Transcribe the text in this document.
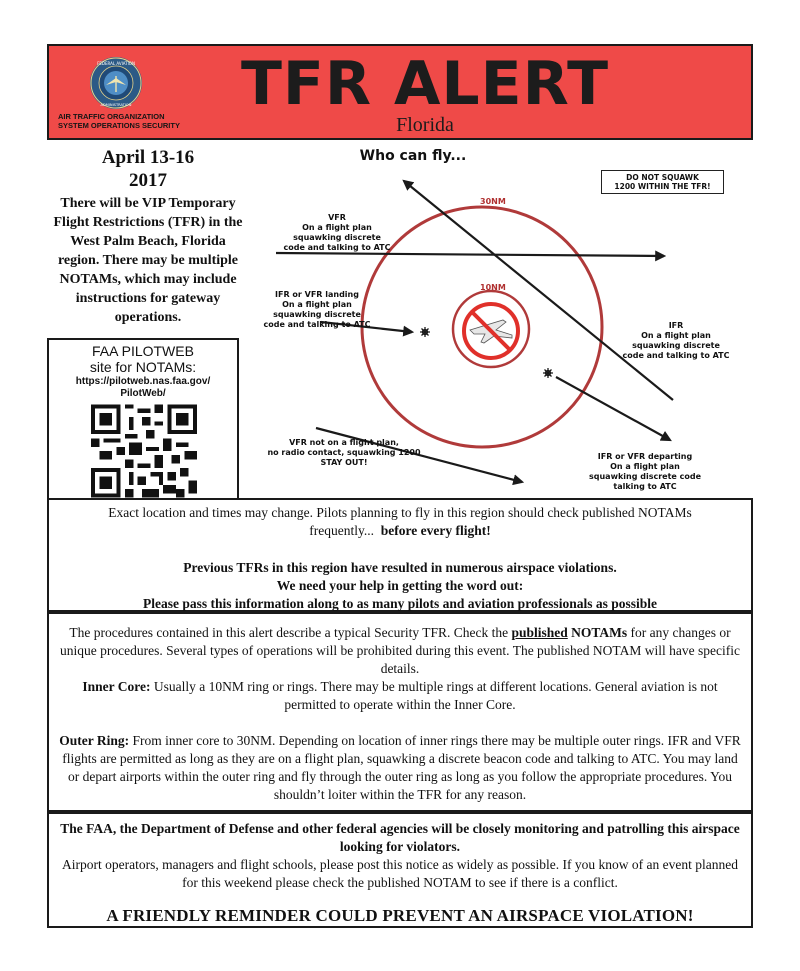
FEDERAL AVIATION
ADMINISTRATION
AIR TRAFFIC ORGANIZATION
SYSTEM OPERATIONS SECURITY
TFR ALERT
Florida
April 13-16
2017
There will be VIP Temporary Flight Restrictions (TFR) in the West Palm Beach, Florida region. There may be multiple NOTAMs, which may include instructions for gateway operations.
FAA PILOTWEB
site for NOTAMs:
https://pilotweb.nas.faa.gov/
PilotWeb/
Who can fly...
DO NOT SQUAWK
1200 WITHIN THE TFR!
30NM
10NM
VFR
On a flight plan
squawking discrete
code and talking to ATC
IFR or VFR landing
On a flight plan
squawking discrete
code and talking to ATC	IFR
On a flight plan
squawking discrete
code and talking to ATC
VFR not on a flight plan,
no radio contact, squawking 1200
STAY OUT!
IFR or VFR departing
On a flight plan
squawking discrete code
talking to ATC
Exact location and times may change. Pilots planning to fly in this region should check published NOTAMs frequently... before every flight!
Previous TFRs in this region have resulted in numerous airspace violations.
We need your help in getting the word out:
Please pass this information along to as many pilots and aviation professionals as possible
The procedures contained in this alert describe a typical Security TFR. Check the published NOTAMs for any changes or unique procedures. Several types of operations will be prohibited during this event. The published NOTAM will have specific details.
Inner Core: Usually a 10NM ring or rings. There may be multiple rings at different locations. General aviation is not permitted to operate within the Inner Core.
Outer Ring: From inner core to 30NM. Depending on location of inner rings there may be multiple outer rings. IFR and VFR flights are permitted as long as they are on a flight plan, squawking a discrete beacon code and talking to ATC. You may land or depart airports within the outer ring and fly through the outer ring as long as you follow the appropriate procedures. You shouldn’t loiter within the TFR for any reason.
The FAA, the Department of Defense and other federal agencies will be closely monitoring and patrolling this airspace looking for violators.
Airport operators, managers and flight schools, please post this notice as widely as possible. If you know of an event planned for this weekend please check the published NOTAM to see if there is a conflict.
A FRIENDLY REMINDER COULD PREVENT AN AIRSPACE VIOLATION!
